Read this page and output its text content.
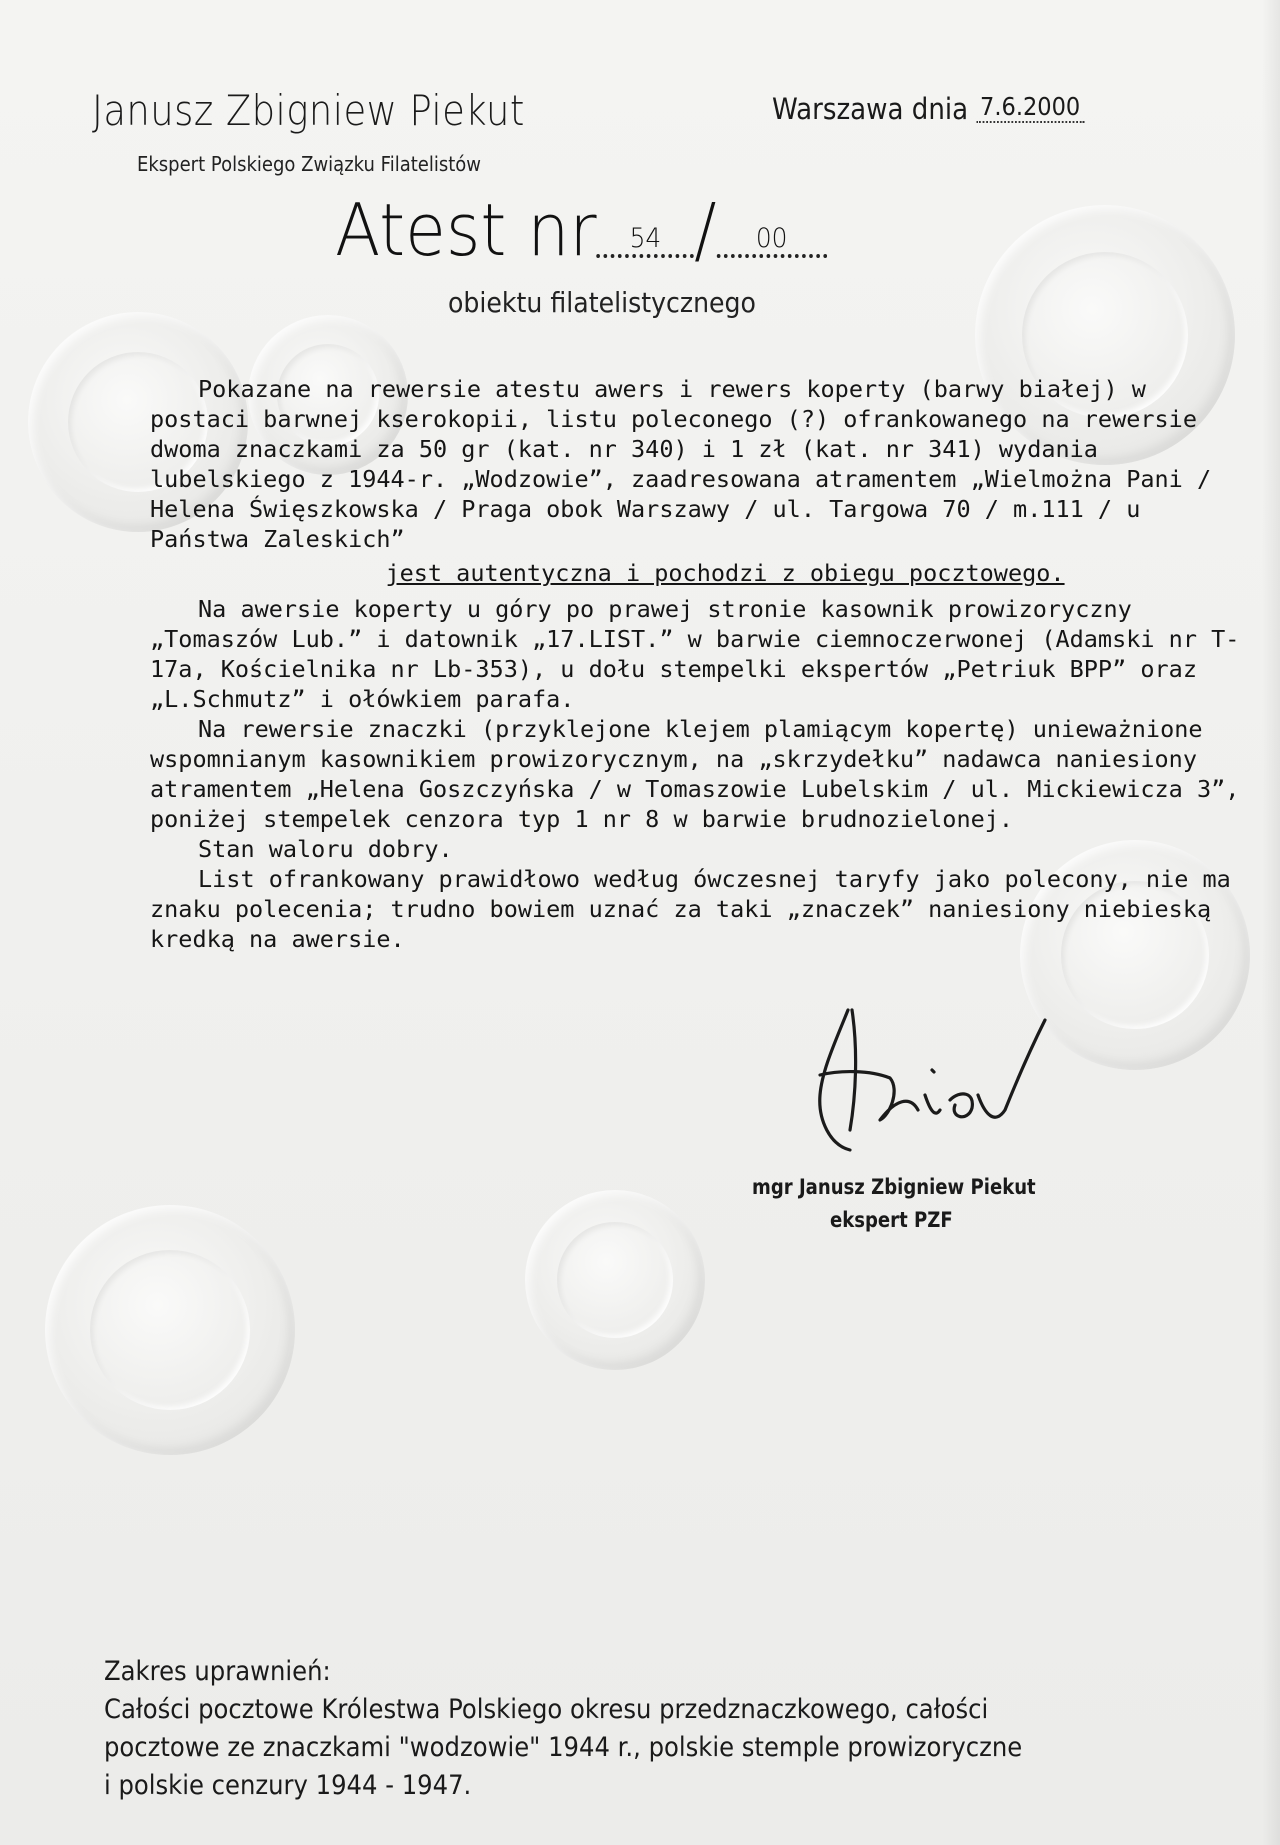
Janusz Zbigniew Piekut
Ekspert Polskiego Związku Filatelistów
Warszawa dnia 7.6.2000
Atest nr 54 / 00
obiektu filatelistycznego

Pokazane na rewersie atestu awers i rewers koperty (barwy białej) w postaci barwnej kserokopii, listu poleconego (?) ofrankowanego na rewersie dwoma znaczkami za 50 gr (kat. nr 340) i 1 zł (kat. nr 341) wydania lubelskiego z 1944-r. „Wodzowie”, zaadresowana atramentem „Wielmożna Pani / Helena Święszkowska / Praga obok Warszawy / ul. Targowa 70 / m.111 / u Państwa Zaleskich”

jest autentyczna i pochodzi z obiegu pocztowego.

Na awersie koperty u góry po prawej stronie kasownik prowizoryczny „Tomaszów Lub.” i datownik „17.LIST.” w barwie ciemnoczerwonej (Adamski nr T-17a, Kościelnika nr Lb-353), u dołu stempelki ekspertów „Petriuk BPP” oraz „L.Schmutz” i ołówkiem parafa.

Na rewersie znaczki (przyklejone klejem plamiącym kopertę) unieważnione wspomnianym kasownikiem prowizorycznym, na „skrzydełku” nadawca naniesiony atramentem „Helena Goszczyńska / w Tomaszowie Lubelskim / ul. Mickiewicza 3”, poniżej stempelek cenzora typ 1 nr 8 w barwie brudnozielonej.

Stan waloru dobry.

List ofrankowany prawidłowo według ówczesnej taryfy jako polecony, nie ma znaku polecenia; trudno bowiem uznać za taki „znaczek” naniesiony niebieską kredką na awersie.

mgr Janusz Zbigniew Piekut
ekspert PZF

Zakres uprawnień:

Całości pocztowe Królestwa Polskiego okresu przedznaczkowego, całości

pocztowe ze znaczkami "wodzowie" 1944 r., polskie stemple prowizoryczne

i polskie cenzury 1944 - 1947.
